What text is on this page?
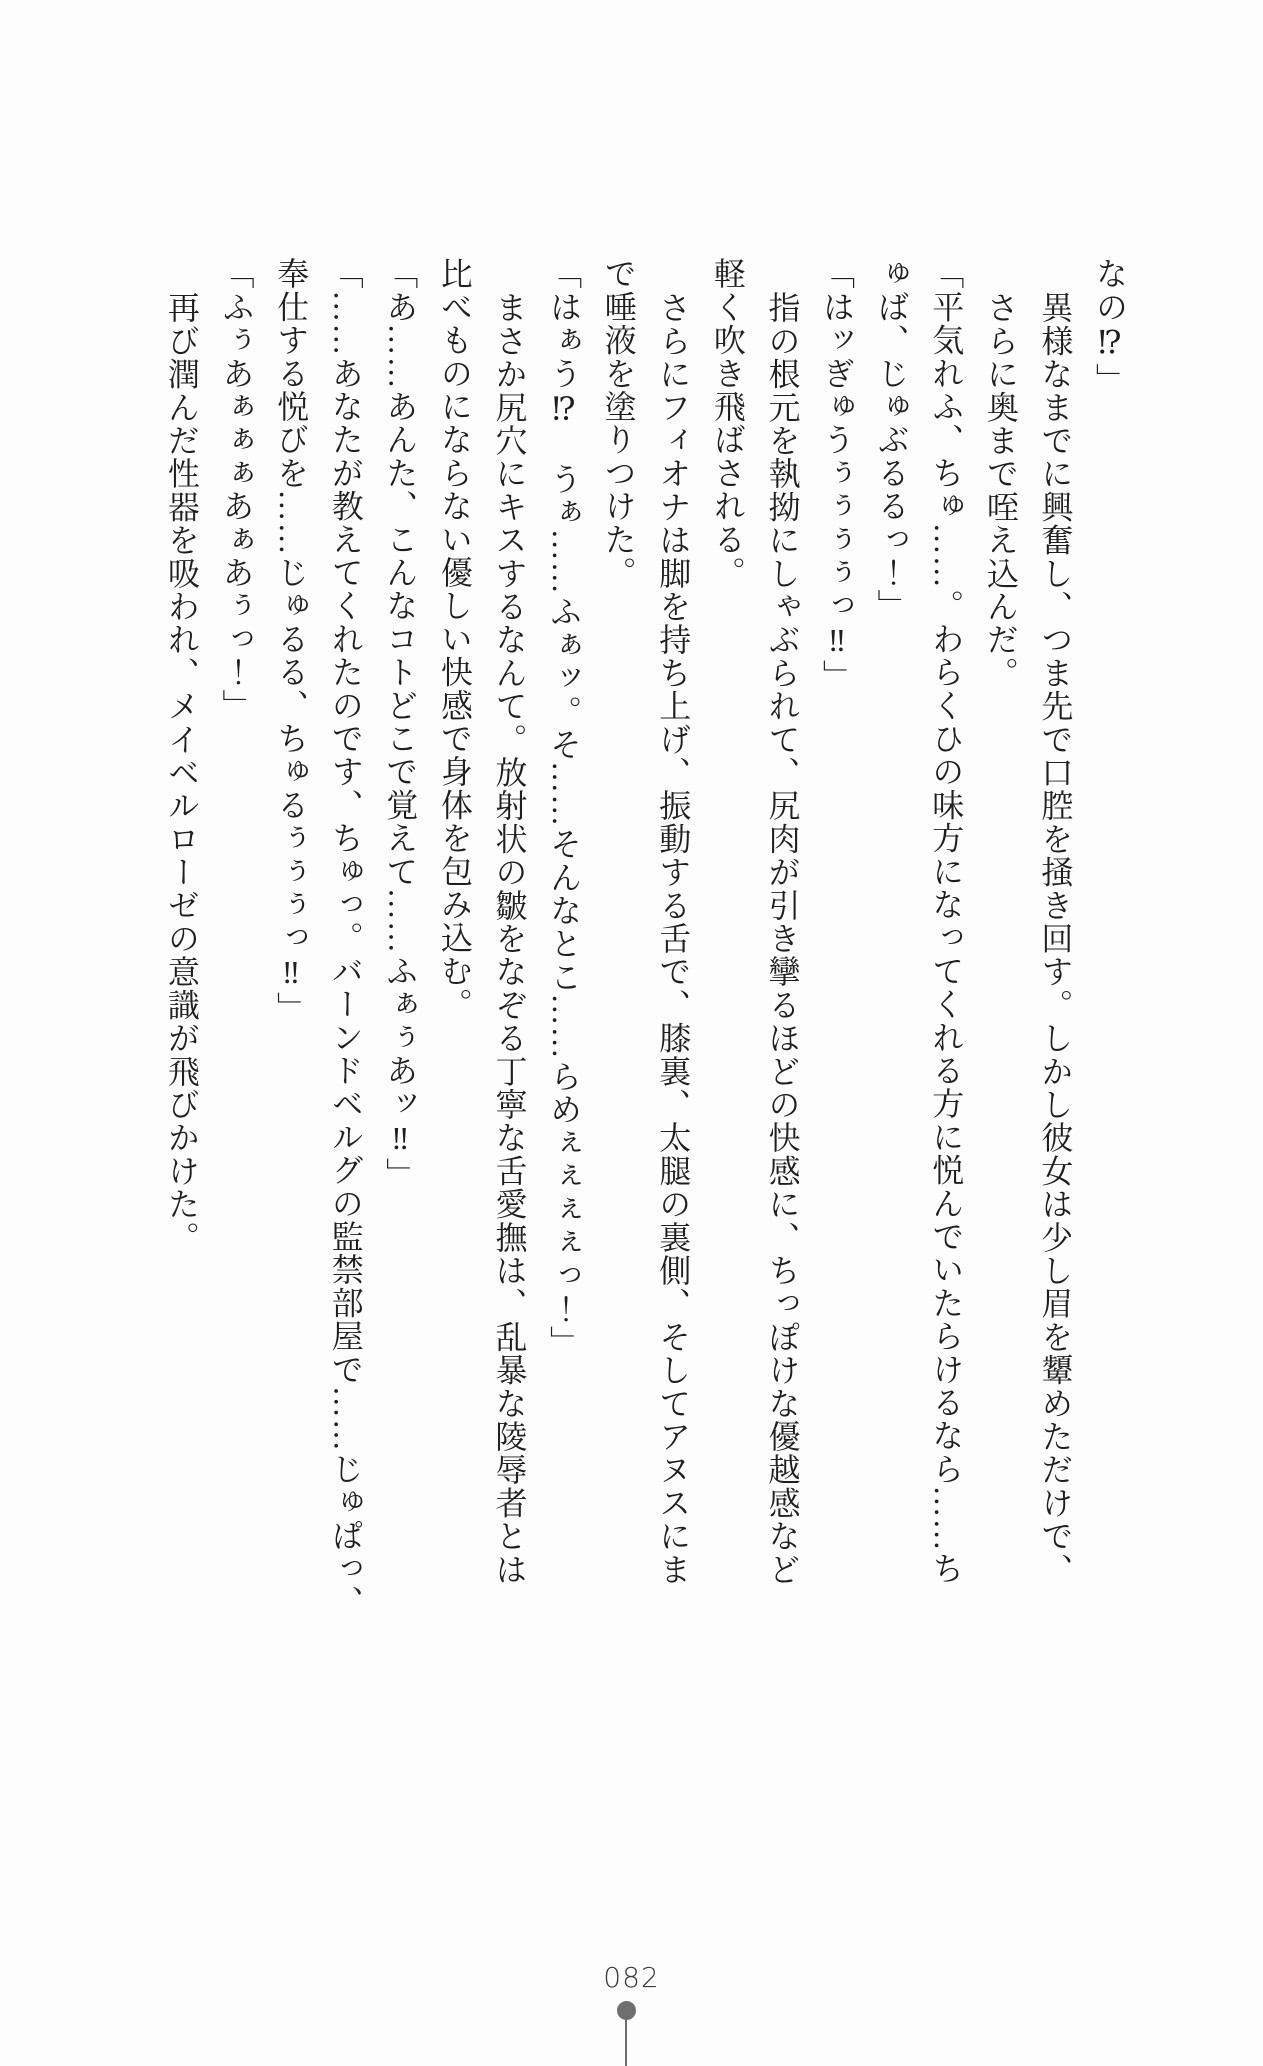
なの⁉」

異様なまでに興奮し、つま先で口腔を掻き回す。しかし彼女は少し眉を顰めただけで、

さらに奥まで咥え込んだ。

「平気れふ、ちゅ……。わらくひの味方になってくれる方に悦んでいたらけるなら……ち

ゅば、じゅぶるるっ！」

「はッぎゅうぅぅぅぅっ‼」

指の根元を執拗にしゃぶられて、尻肉が引き攣るほどの快感に、ちっぽけな優越感など

軽く吹き飛ばされる。

さらにフィオナは脚を持ち上げ、振動する舌で、膝裏、太腿の裏側、そしてアヌスにま

で唾液を塗りつけた。

「はぁう⁉　うぁ……ふぁッ。そ……そんなとこ……らめぇぇぇぇっ！」

まさか尻穴にキスするなんて。放射状の皺をなぞる丁寧な舌愛撫は、乱暴な陵辱者とは

比べものにならない優しい快感で身体を包み込む。

「あ……あんた、こんなコトどこで覚えて……ふぁぅあッ‼」

「……あなたが教えてくれたのです、ちゅっ。バーンドベルグの監禁部屋で……じゅぱっ、

奉仕する悦びを……じゅるる、ちゅるぅぅぅっ‼」

「ふぅあぁぁぁあぁあぅっ！」

再び潤んだ性器を吸われ、メイベルローゼの意識が飛びかけた。

082
